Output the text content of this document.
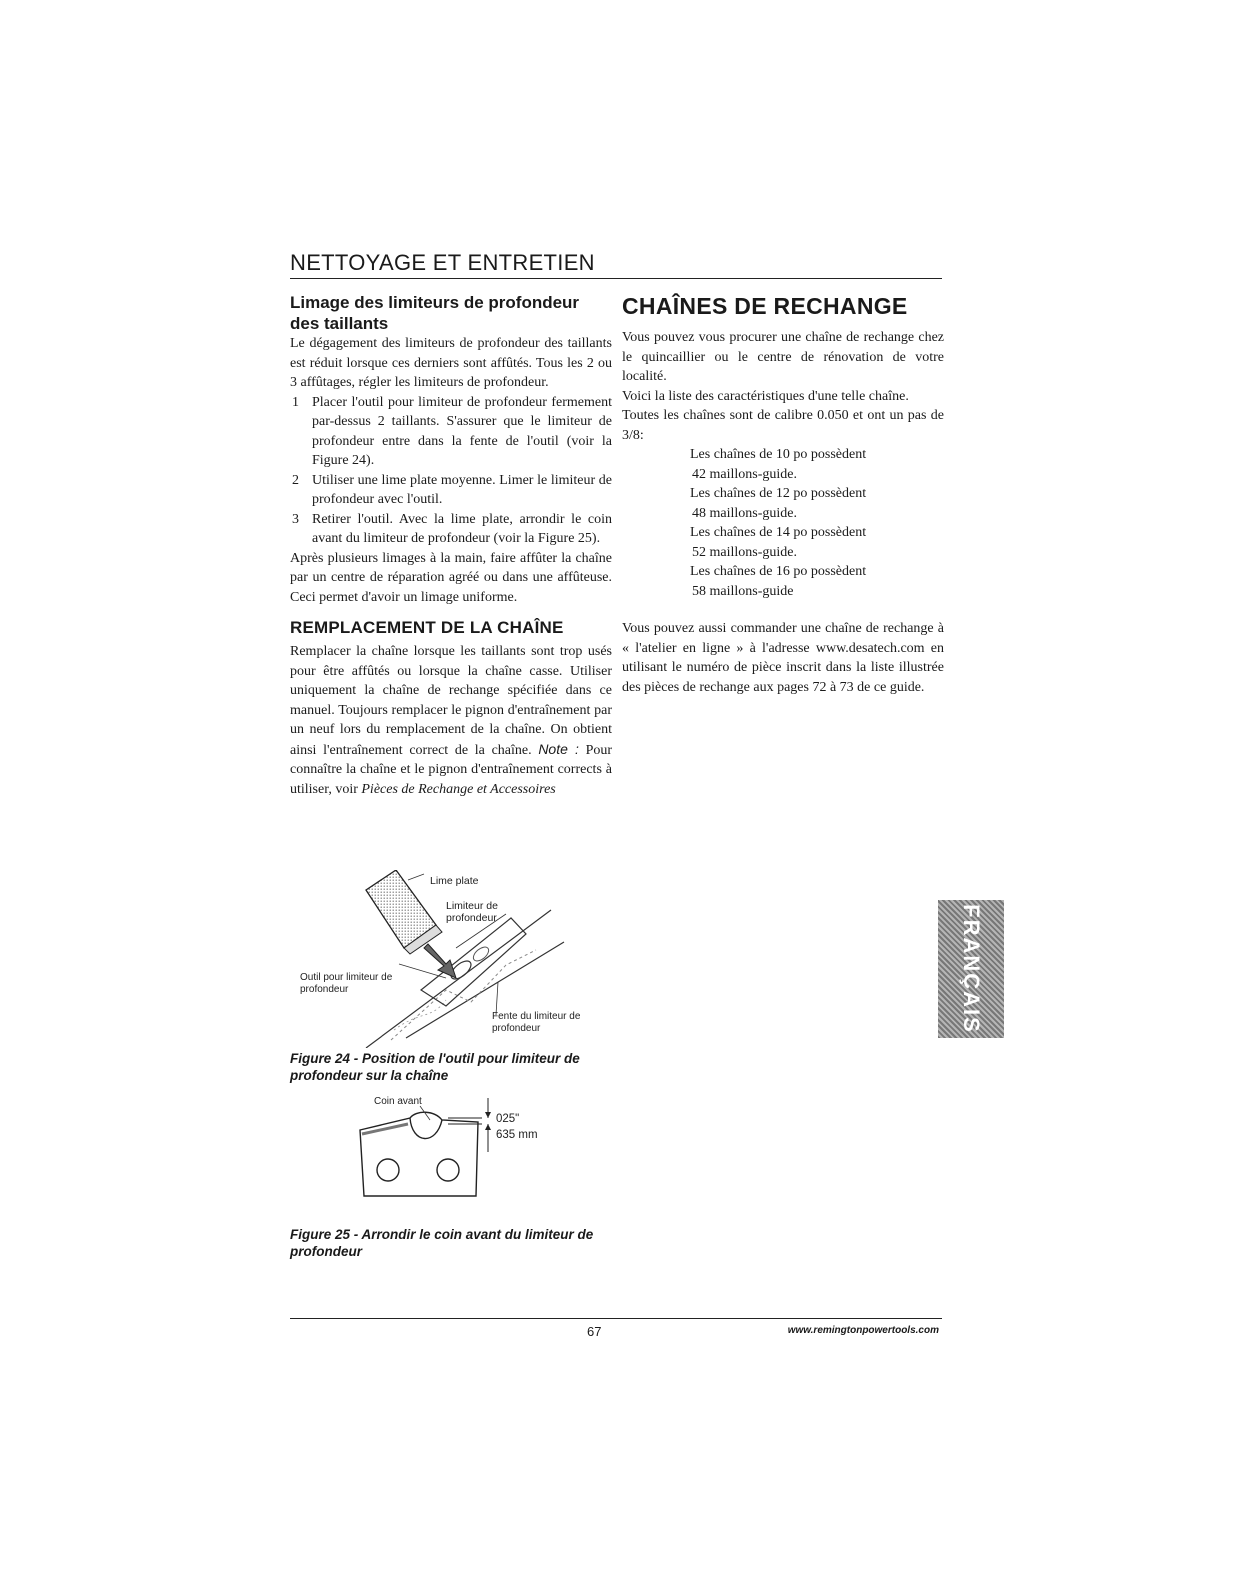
NETTOYAGE ET ENTRETIEN
Limage des limiteurs de profondeur des taillants

Le dégagement des limiteurs de profondeur des taillants est réduit lorsque ces derniers sont affûtés. Tous les 2 ou 3 affûtages, régler les limiteurs de profondeur.

1 Placer l'outil pour limiteur de profondeur fermement par-dessus 2 taillants. S'assurer que le limiteur de profondeur entre dans la fente de l'outil (voir la Figure 24).
2 Utiliser une lime plate moyenne. Limer le limiteur de profondeur avec l'outil.
3 Retirer l'outil. Avec la lime plate, arrondir le coin avant du limiteur de profondeur (voir la Figure 25).

Après plusieurs limages à la main, faire affûter la chaîne par un centre de réparation agréé ou dans une affûteuse. Ceci permet d'avoir un limage uniforme.

REMPLACEMENT DE LA CHAÎNE

Remplacer la chaîne lorsque les taillants sont trop usés pour être affûtés ou lorsque la chaîne casse. Utiliser uniquement la chaîne de rechange spécifiée dans ce manuel. Toujours remplacer le pignon d'entraînement par un neuf lors du remplacement de la chaîne. On obtient ainsi l'entraînement correct de la chaîne. Note : Pour connaître la chaîne et le pignon d'entraînement corrects à utiliser, voir Pièces de Rechange et Accessoires

Lime plate
Limiteur de
profondeur
Outil pour limiteur de
profondeur
Fente du limiteur de
profondeur
Figure 24 - Position de l'outil pour limiteur de profondeur sur la chaîne
Coin avant
025"
635 mm
Figure 25 - Arrondir le coin avant du limiteur de profondeur
CHAÎNES DE RECHANGE

Vous pouvez vous procurer une chaîne de rechange chez le quincaillier ou le centre de rénovation de votre localité.

Voici la liste des caractéristiques d'une telle chaîne.

Toutes les chaînes sont de calibre 0.050 et ont un pas de 3/8:

Les chaînes de 10 po possèdent
42 maillons-guide.
Les chaînes de 12 po possèdent
48 maillons-guide.
Les chaînes de 14 po possèdent
52 maillons-guide.
Les chaînes de 16 po possèdent
58 maillons-guide

Vous pouvez aussi commander une chaîne de rechange à « l'atelier en ligne » à l'adresse www.desatech.com en utilisant le numéro de pièce inscrit dans la liste illustrée des pièces de rechange aux pages 72 à 73 de ce guide.

FRANÇAIS
67	www.remingtonpowertools.com
